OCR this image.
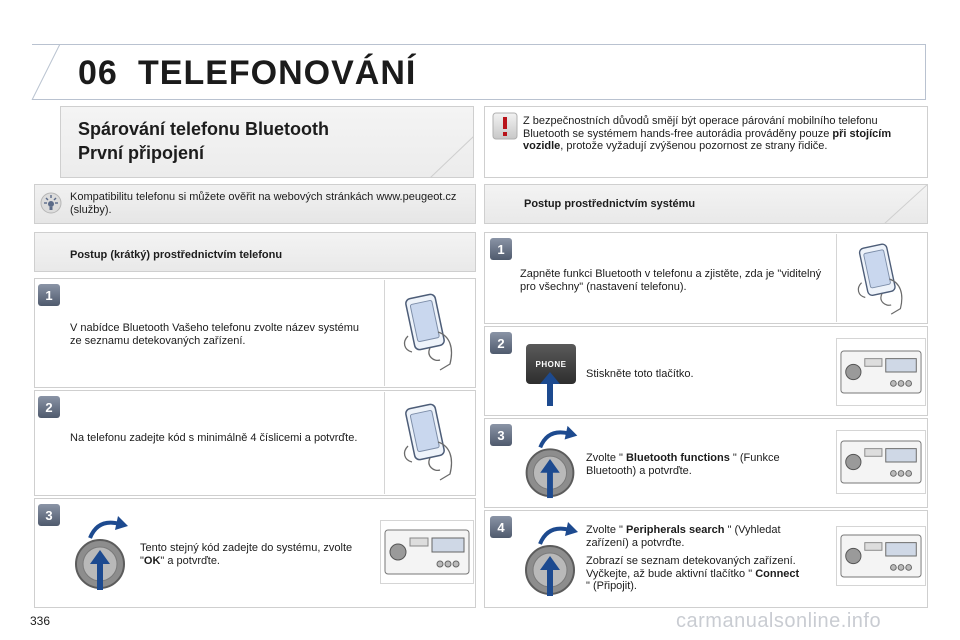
06 TELEFONOVÁNÍ
Spárování telefonu Bluetooth
První připojení
Z bezpečnostních důvodů smějí být operace párování mobilního telefonu Bluetooth se systémem hands-free autorádia prováděny pouze při stojícím vozidle, protože vyžadují zvýšenou pozornost ze strany řidiče.
Kompatibilitu telefonu si můžete ověřit na webových stránkách www.peugeot.cz (služby).
Postup (krátký) prostřednictvím telefonu
Postup prostřednictvím systému
1
V nabídce Bluetooth Vašeho telefonu zvolte název systému ze seznamu detekovaných zařízení.
2
Na telefonu zadejte kód s minimálně 4 číslicemi a potvrďte.
3
Tento stejný kód zadejte do systému, zvolte "OK" a potvrďte.
1
Zapněte funkci Bluetooth v telefonu a zjistěte, zda je "viditelný pro všechny" (nastavení telefonu).
2
PHONE
Stiskněte toto tlačítko.
3
Zvolte " Bluetooth functions " (Funkce Bluetooth) a potvrďte.
4	Zvolte " Peripherals search " (Vyhledat zařízení) a potvrďte.
Zobrazí se seznam detekovaných zařízení. Vyčkejte, až bude aktivní tlačítko " Connect " (Připojit).
336	carmanualsonline.info
